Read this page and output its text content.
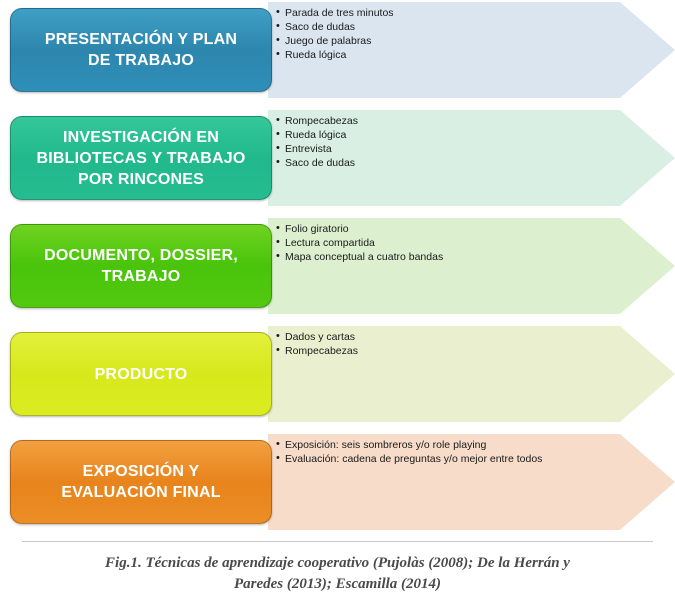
• Parada de tres minutos
• Saco de dudas
• Juego de palabras
• Rueda lógica
PRESENTACIÓN Y PLAN
DE TRABAJO
• Rompecabezas
• Rueda lógica
• Entrevista
• Saco de dudas
INVESTIGACIÓN EN
BIBLIOTECAS Y TRABAJO
POR RINCONES
• Folio giratorio
• Lectura compartida
• Mapa conceptual a cuatro bandas
DOCUMENTO, DOSSIER,
TRABAJO
• Dados y cartas
• Rompecabezas
PRODUCTO
• Exposición: seis sombreros y/o role playing
• Evaluación: cadena de preguntas y/o mejor entre todos
EXPOSICIÓN Y
EVALUACIÓN FINAL
Fig.1. Técnicas de aprendizaje cooperativo (Pujolàs (2008); De la Herrán y
Paredes (2013); Escamilla (2014)
